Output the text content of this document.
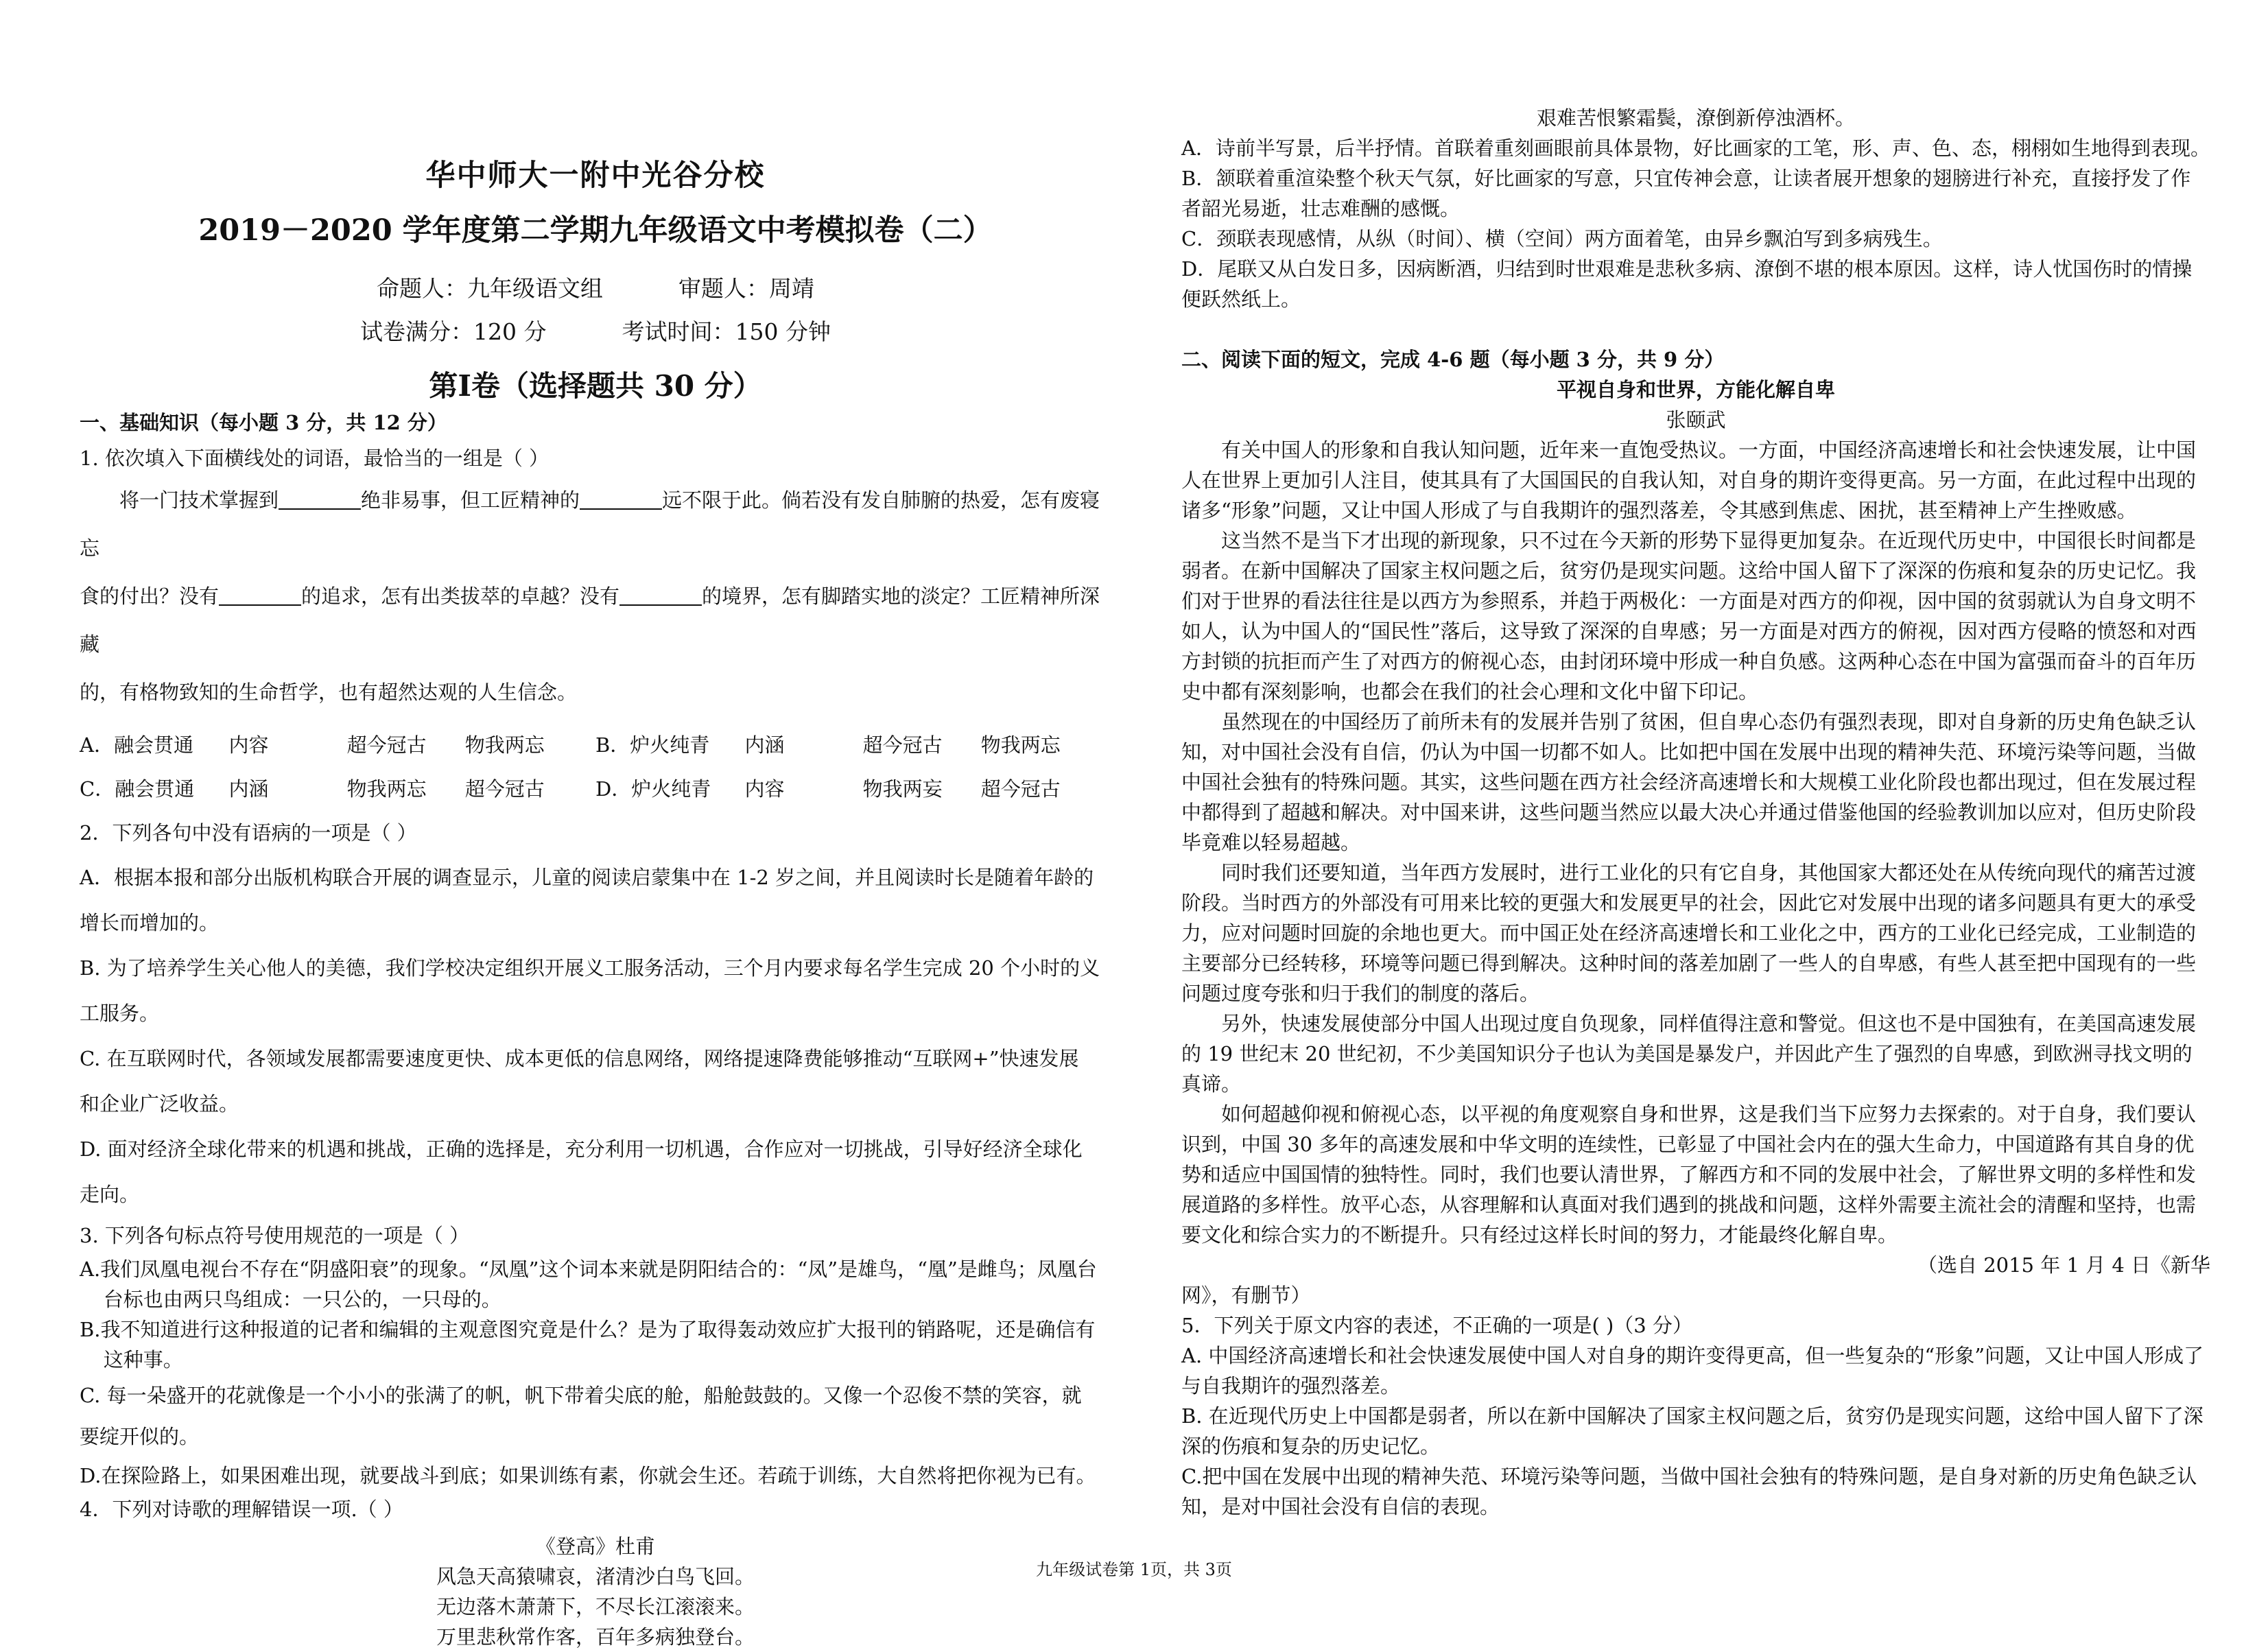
华中师大一附中光谷分校
2019－2020 学年度第二学期九年级语文中考模拟卷（二）
命题人：九年级语文组	审题人：周靖
试卷满分：120 分	考试时间：150 分钟
第Ⅰ卷（选择题共 30 分）

一、基础知识（每小题 3 分，共 12 分）

1. 依次填入下面横线处的词语，最恰当的一组是（ ）

将一门技术掌握到	绝非易事，但工匠精神的	远不限于此。倘若没有发自肺腑的热爱，怎有废寝忘

食的付出？没有	的追求，怎有出类拔萃的卓越？没有	的境界，怎有脚踏实地的淡定？工匠精神所深藏

的，有格物致知的生命哲学，也有超然达观的人生信念。

A．融会贯通	内容	超今冠古	物我两忘	B．炉火纯青	内涵	超今冠古	物我两忘
C．融会贯通	内涵	物我两忘	超今冠古	D．炉火纯青	内容	物我两妄	超今冠古

2．下列各句中没有语病的一项是（ ）

A．根据本报和部分出版机构联合开展的调查显示，儿童的阅读启蒙集中在 1-2 岁之间，并且阅读时长是随着年龄的

增长而增加的。

B. 为了培养学生关心他人的美德，我们学校决定组织开展义工服务活动，三个月内要求每名学生完成 20 个小时的义

工服务。

C. 在互联网时代，各领域发展都需要速度更快、成本更低的信息网络，网络提速降费能够推动“互联网+”快速发展

和企业广泛收益。

D. 面对经济全球化带来的机遇和挑战，正确的选择是，充分利用一切机遇，合作应对一切挑战，引导好经济全球化

走向。

3. 下列各句标点符号使用规范的一项是（ ）

A.我们凤凰电视台不存在“阴盛阳衰”的现象。“凤凰”这个词本来就是阴阳结合的：“凤”是雄鸟，“凰”是雌鸟；凤凰台台标也由两只鸟组成：一只公的，一只母的。

B.我不知道进行这种报道的记者和编辑的主观意图究竟是什么？是为了取得轰动效应扩大报刊的销路呢，还是确信有这种事。

C. 每一朵盛开的花就像是一个小小的张满了的帆，帆下带着尖底的舱，船舱鼓鼓的。又像一个忍俊不禁的笑容，就

要绽开似的。

D.在探险路上，如果困难出现，就要战斗到底；如果训练有素，你就会生还。若疏于训练，大自然将把你视为已有。

4．下列对诗歌的理解错误一项.（ ）

《登高》杜甫

风急天高猿啸哀，渚清沙白鸟飞回。

无边落木萧萧下，不尽长江滚滚来。

万里悲秋常作客，百年多病独登台。

艰难苦恨繁霜鬓，潦倒新停浊酒杯。

A．诗前半写景，后半抒情。首联着重刻画眼前具体景物，好比画家的工笔，形、声、色、态，栩栩如生地得到表现。

B．颔联着重渲染整个秋天气氛，好比画家的写意，只宜传神会意，让读者展开想象的翅膀进行补充，直接抒发了作者韶光易逝，壮志难酬的感慨。

C．颈联表现感情，从纵（时间）、横（空间）两方面着笔，由异乡飘泊写到多病残生。

D．尾联又从白发日多，因病断酒，归结到时世艰难是悲秋多病、潦倒不堪的根本原因。这样，诗人忧国伤时的情操便跃然纸上。

二、阅读下面的短文，完成 4-6 题（每小题 3 分，共 9 分）

平视自身和世界，方能化解自卑

张颐武

有关中国人的形象和自我认知问题，近年来一直饱受热议。一方面，中国经济高速增长和社会快速发展，让中国人在世界上更加引人注目，使其具有了大国国民的自我认知，对自身的期许变得更高。另一方面，在此过程中出现的诸多“形象”问题，又让中国人形成了与自我期许的强烈落差，令其感到焦虑、困扰，甚至精神上产生挫败感。

这当然不是当下才出现的新现象，只不过在今天新的形势下显得更加复杂。在近现代历史中，中国很长时间都是弱者。在新中国解决了国家主权问题之后，贫穷仍是现实问题。这给中国人留下了深深的伤痕和复杂的历史记忆。我们对于世界的看法往往是以西方为参照系，并趋于两极化：一方面是对西方的仰视，因中国的贫弱就认为自身文明不如人，认为中国人的“国民性”落后，这导致了深深的自卑感；另一方面是对西方的俯视，因对西方侵略的愤怒和对西方封锁的抗拒而产生了对西方的俯视心态，由封闭环境中形成一种自负感。这两种心态在中国为富强而奋斗的百年历史中都有深刻影响，也都会在我们的社会心理和文化中留下印记。

虽然现在的中国经历了前所未有的发展并告别了贫困，但自卑心态仍有强烈表现，即对自身新的历史角色缺乏认知，对中国社会没有自信，仍认为中国一切都不如人。比如把中国在发展中出现的精神失范、环境污染等问题，当做中国社会独有的特殊问题。其实，这些问题在西方社会经济高速增长和大规模工业化阶段也都出现过，但在发展过程中都得到了超越和解决。对中国来讲，这些问题当然应以最大决心并通过借鉴他国的经验教训加以应对，但历史阶段毕竟难以轻易超越。

同时我们还要知道，当年西方发展时，进行工业化的只有它自身，其他国家大都还处在从传统向现代的痛苦过渡阶段。当时西方的外部没有可用来比较的更强大和发展更早的社会，因此它对发展中出现的诸多问题具有更大的承受力，应对问题时回旋的余地也更大。而中国正处在经济高速增长和工业化之中，西方的工业化已经完成，工业制造的主要部分已经转移，环境等问题已得到解决。这种时间的落差加剧了一些人的自卑感，有些人甚至把中国现有的一些问题过度夸张和归于我们的制度的落后。

另外，快速发展使部分中国人出现过度自负现象，同样值得注意和警觉。但这也不是中国独有，在美国高速发展的 19 世纪末 20 世纪初，不少美国知识分子也认为美国是暴发户，并因此产生了强烈的自卑感，到欧洲寻找文明的真谛。

如何超越仰视和俯视心态，以平视的角度观察自身和世界，这是我们当下应努力去探索的。对于自身，我们要认识到，中国 30 多年的高速发展和中华文明的连续性，已彰显了中国社会内在的强大生命力，中国道路有其自身的优势和适应中国国情的独特性。同时，我们也要认清世界，了解西方和不同的发展中社会，了解世界文明的多样性和发展道路的多样性。放平心态，从容理解和认真面对我们遇到的挑战和问题，这样外需要主流社会的清醒和坚持，也需要文化和综合实力的不断提升。只有经过这样长时间的努力，才能最终化解自卑。

（选自 2015 年 1 月 4 日《新华

网》，有删节）

5．下列关于原文内容的表述，不正确的一项是( )（3 分）

A. 中国经济高速增长和社会快速发展使中国人对自身的期许变得更高，但一些复杂的“形象”问题，又让中国人形成了与自我期许的强烈落差。

B. 在近现代历史上中国都是弱者，所以在新中国解决了国家主权问题之后，贫穷仍是现实问题，这给中国人留下了深深的伤痕和复杂的历史记忆。

C.把中国在发展中出现的精神失范、环境污染等问题，当做中国社会独有的特殊问题，是自身对新的历史角色缺乏认知，是对中国社会没有自信的表现。

九年级试卷第 1页，共 3页
